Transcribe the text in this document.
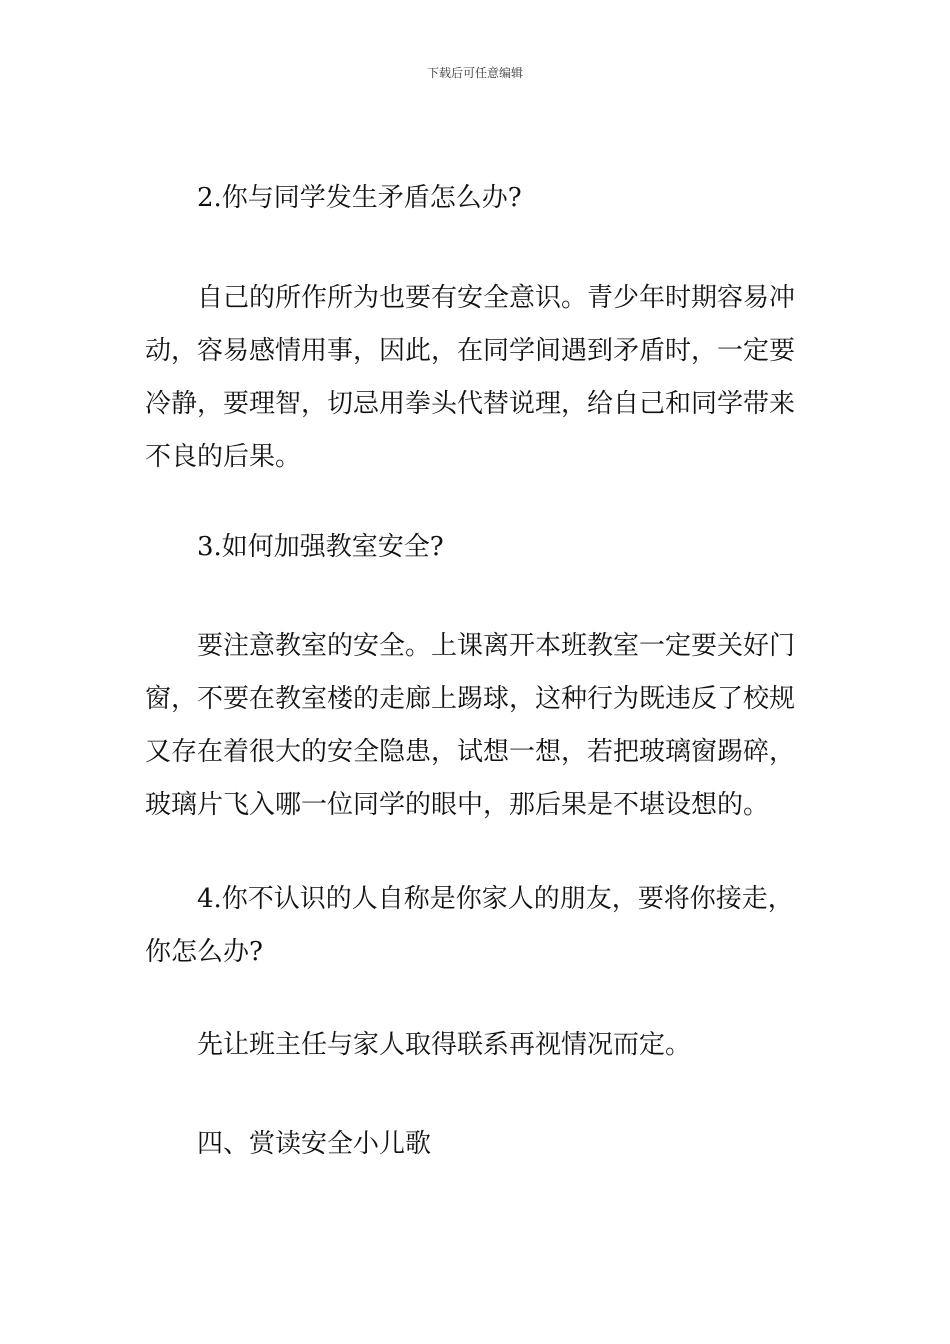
下载后可任意编辑

2.你与同学发生矛盾怎么办?

自己的所作所为也要有安全意识。青少年时期容易冲动，容易感情用事，因此，在同学间遇到矛盾时，一定要冷静，要理智，切忌用拳头代替说理，给自己和同学带来不良的后果。

3.如何加强教室安全?

要注意教室的安全。上课离开本班教室一定要关好门窗，不要在教室楼的走廊上踢球，这种行为既违反了校规又存在着很大的安全隐患，试想一想，若把玻璃窗踢碎，玻璃片飞入哪一位同学的眼中，那后果是不堪设想的。

4.你不认识的人自称是你家人的朋友，要将你接走，你怎么办?

先让班主任与家人取得联系再视情况而定。

四、赏读安全小儿歌
